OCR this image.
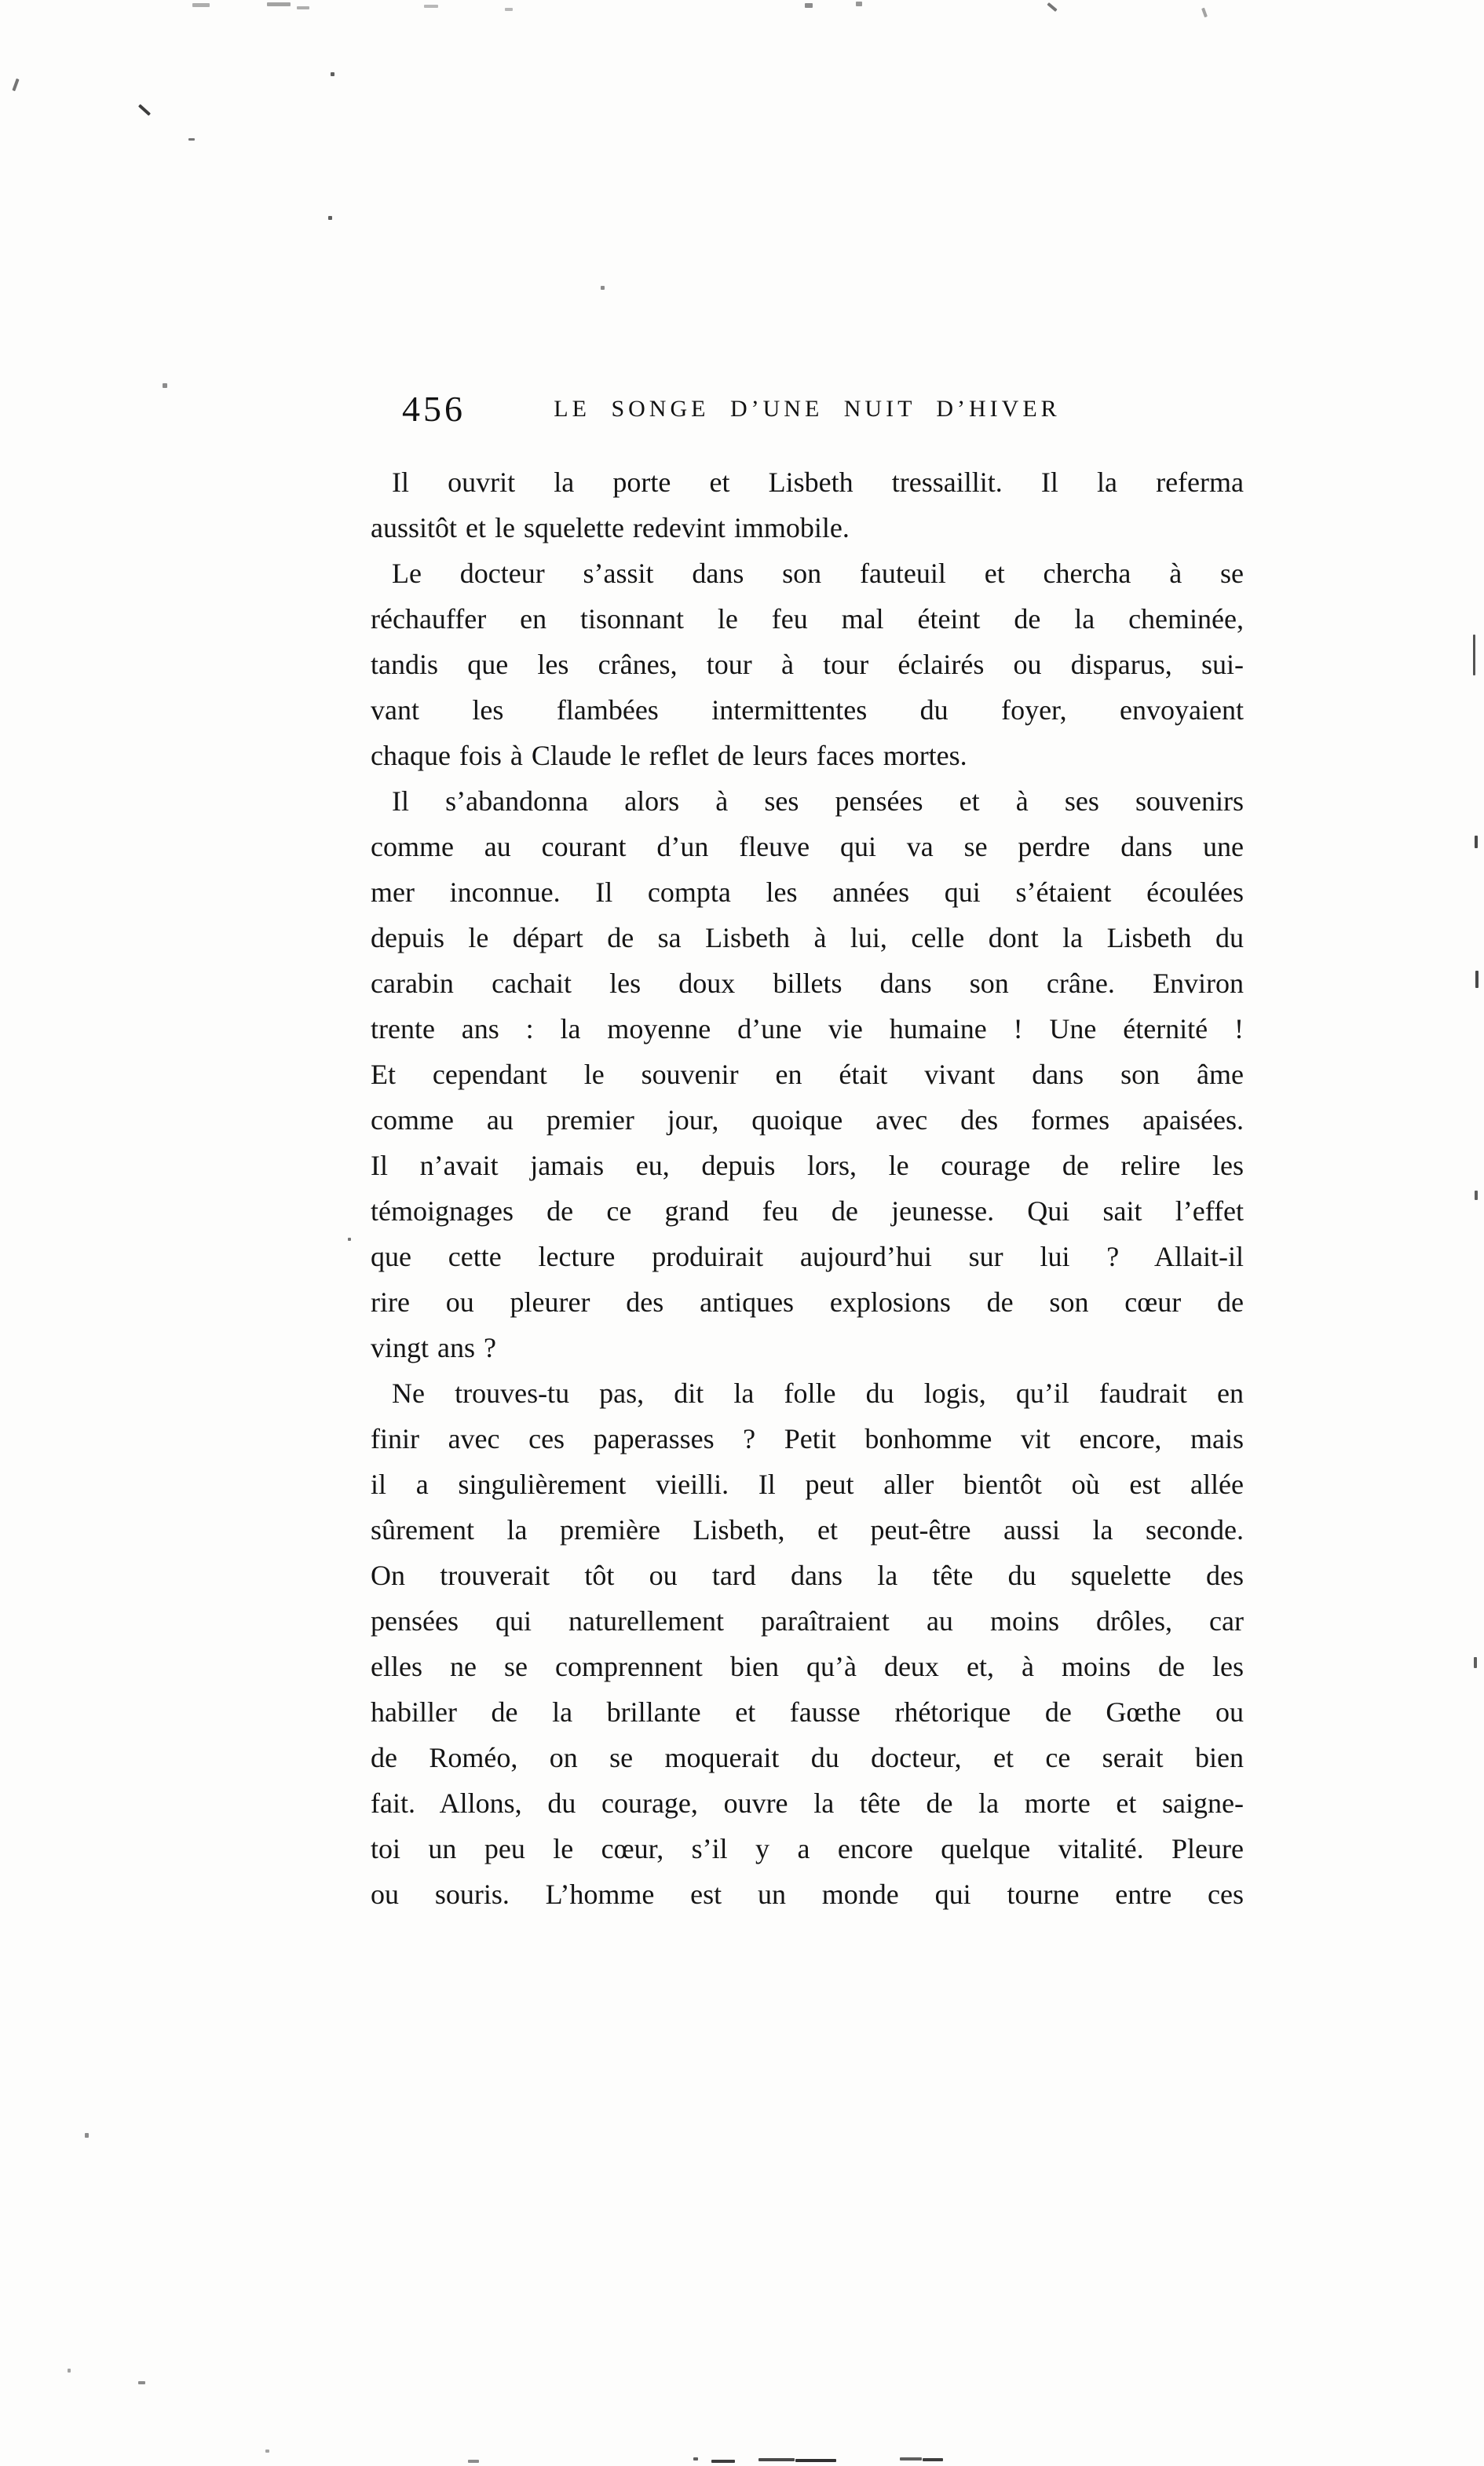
456	LE SONGE D’UNE NUIT D’HIVER
Il ouvrit la porte et Lisbeth tressaillit. Il la referma
aussitôt et le squelette redevint immobile.
Le docteur s’assit dans son fauteuil et chercha à se
réchauffer en tisonnant le feu mal éteint de la cheminée,
tandis que les crânes, tour à tour éclairés ou disparus, sui-
vant les flambées intermittentes du foyer, envoyaient
chaque fois à Claude le reflet de leurs faces mortes.
Il s’abandonna alors à ses pensées et à ses souvenirs
comme au courant d’un fleuve qui va se perdre dans une
mer inconnue. Il compta les années qui s’étaient écoulées
depuis le départ de sa Lisbeth à lui, celle dont la Lisbeth du
carabin cachait les doux billets dans son crâne. Environ
trente ans : la moyenne d’une vie humaine ! Une éternité !
Et cependant le souvenir en était vivant dans son âme
comme au premier jour, quoique avec des formes apaisées.
Il n’avait jamais eu, depuis lors, le courage de relire les
témoignages de ce grand feu de jeunesse. Qui sait l’effet
que cette lecture produirait aujourd’hui sur lui ? Allait-il
rire ou pleurer des antiques explosions de son cœur de
vingt ans ?
Ne trouves-tu pas, dit la folle du logis, qu’il faudrait en
finir avec ces paperasses ? Petit bonhomme vit encore, mais
il a singulièrement vieilli. Il peut aller bientôt où est allée
sûrement la première Lisbeth, et peut-être aussi la seconde.
On trouverait tôt ou tard dans la tête du squelette des
pensées qui naturellement paraîtraient au moins drôles, car
elles ne se comprennent bien qu’à deux et, à moins de les
habiller de la brillante et fausse rhétorique de Gœthe ou
de Roméo, on se moquerait du docteur, et ce serait bien
fait. Allons, du courage, ouvre la tête de la morte et saigne-
toi un peu le cœur, s’il y a encore quelque vitalité. Pleure
ou souris. L’homme est un monde qui tourne entre ces
